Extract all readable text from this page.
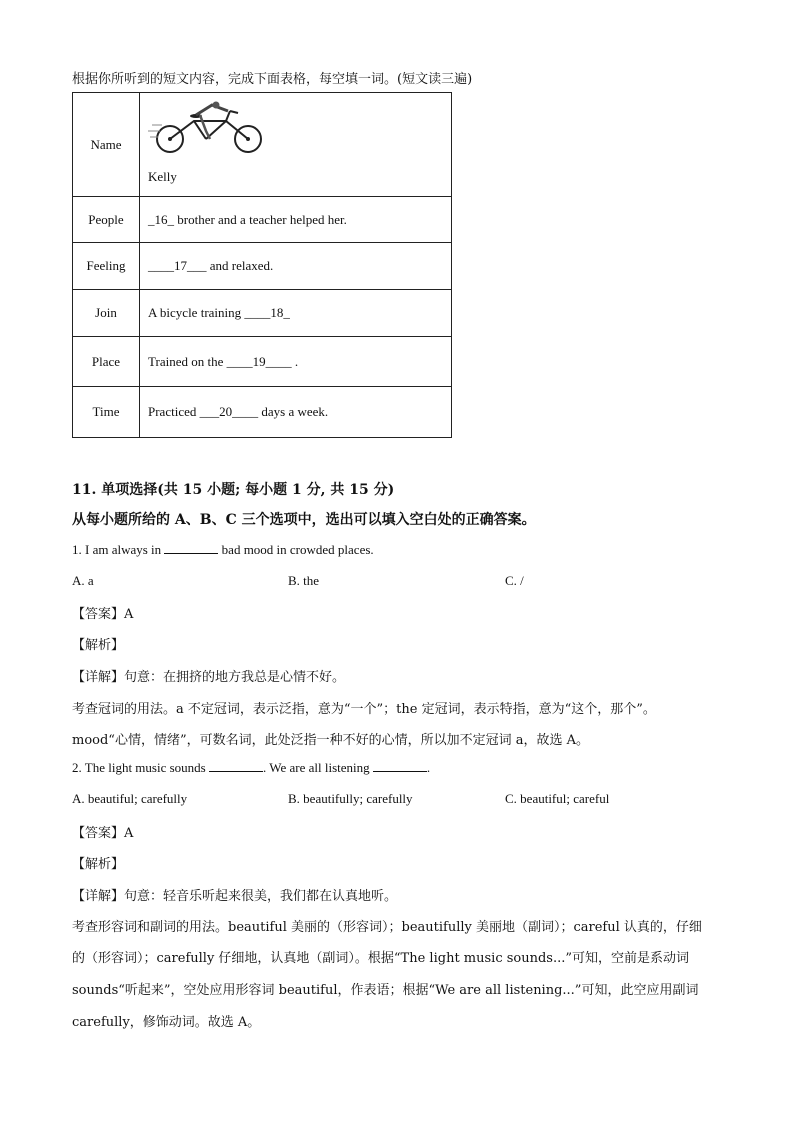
根据你所听到的短文内容，完成下面表格，每空填一词。(短文读三遍)
Name	Kelly

People	_16_ brother and a teacher helped her.
Feeling	____17___ and relaxed.
Join	A bicycle training ____18_
Place	Trained on the ____19____ .
Time	Practiced ___20____ days a week.
11. 单项选择(共 15 小题; 每小题 1 分, 共 15 分)
从每小题所给的 A、B、C 三个选项中，选出可以填入空白处的正确答案。
1. I am always in	bad mood in crowded places.
A. a	B. the	C. /
【答案】A
【解析】
【详解】句意：在拥挤的地方我总是心情不好。
考查冠词的用法。a 不定冠词，表示泛指，意为“一个”；the 定冠词，表示特指，意为“这个，那个”。
mood“心情，情绪”，可数名词，此处泛指一种不好的心情，所以加不定冠词 a，故选 A。
2. The light music sounds	. We are all listening	.
A. beautiful; carefully	B. beautifully; carefully	C. beautiful; careful
【答案】A
【解析】
【详解】句意：轻音乐听起来很美，我们都在认真地听。
考查形容词和副词的用法。beautiful 美丽的（形容词）；beautifully 美丽地（副词）；careful 认真的，仔细
的（形容词）；carefully 仔细地，认真地（副词）。根据“The light music sounds...”可知，空前是系动词
sounds“听起来”，空处应用形容词 beautiful，作表语；根据“We are all listening...”可知，此空应用副词
carefully，修饰动词。故选 A。
